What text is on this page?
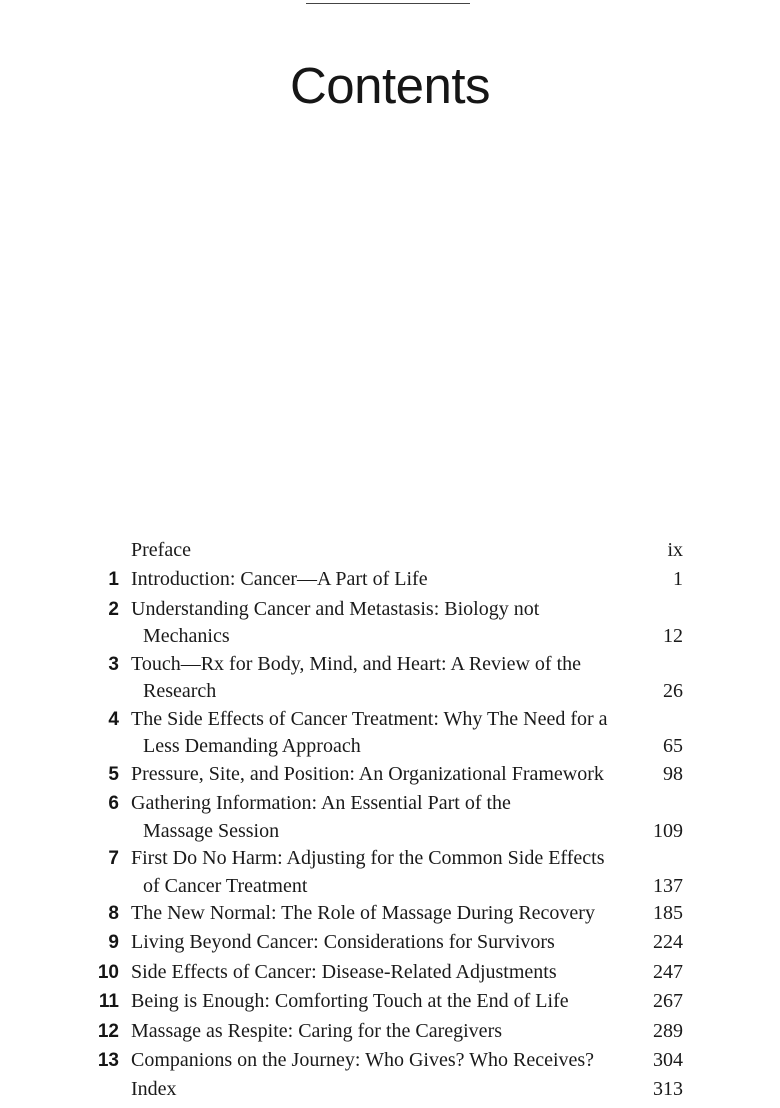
Contents
Preface	ix
1 Introduction: Cancer—A Part of Life	1
2 Understanding Cancer and Metastasis: Biology not
Mechanics	12
3 Touch—Rx for Body, Mind, and Heart: A Review of the
Research	26
4 The Side Effects of Cancer Treatment: Why The Need for a
Less Demanding Approach	65
5 Pressure, Site, and Position: An Organizational Framework	98
6 Gathering Information: An Essential Part of the
Massage Session	109
7 First Do No Harm: Adjusting for the Common Side Effects
of Cancer Treatment	137
8 The New Normal: The Role of Massage During Recovery	185
9 Living Beyond Cancer: Considerations for Survivors	224
10 Side Effects of Cancer: Disease-Related Adjustments	247
11 Being is Enough: Comforting Touch at the End of Life	267
12 Massage as Respite: Caring for the Caregivers	289
13 Companions on the Journey: Who Gives? Who Receives?	304
Index	313
